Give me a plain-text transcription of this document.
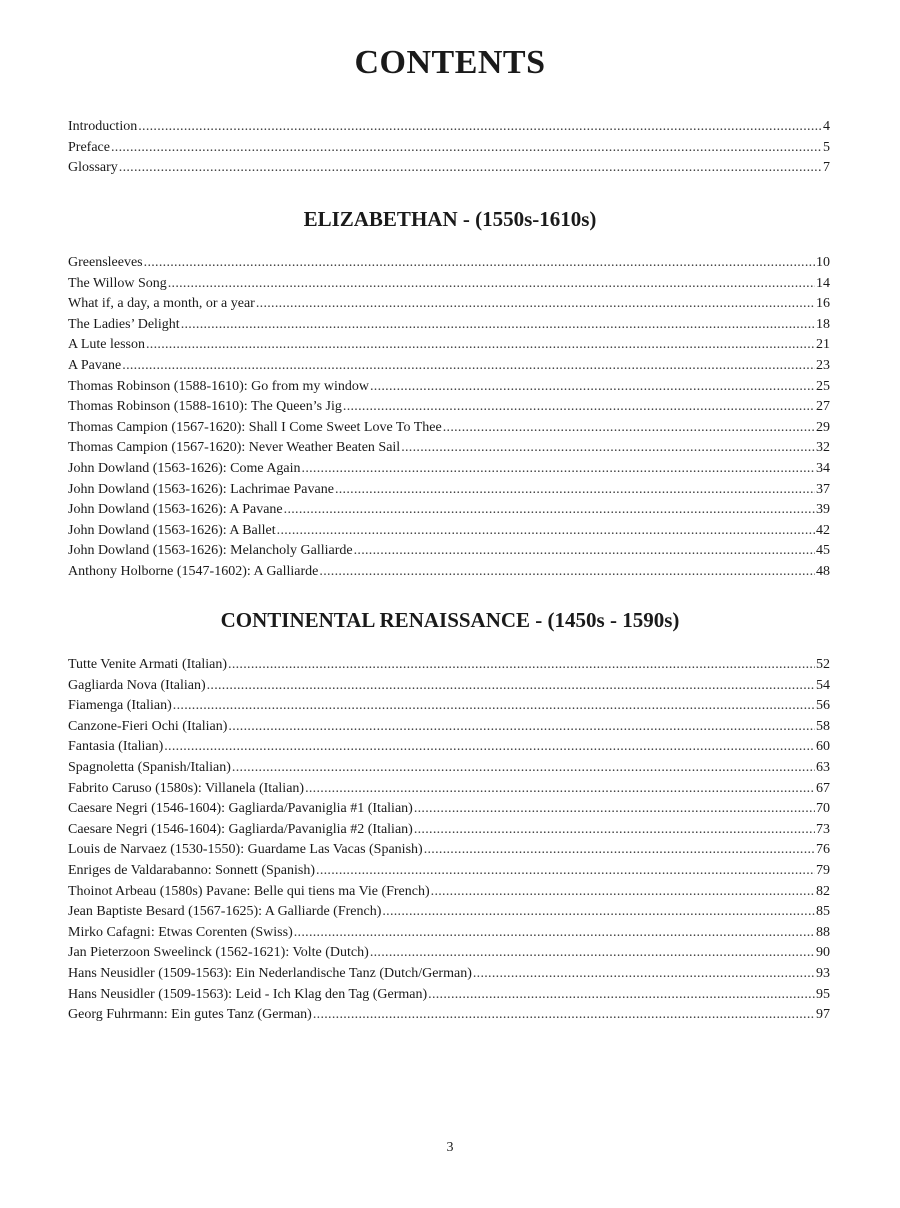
CONTENTS
Introduction . . .	4
Preface . . .	5
Glossary . . .	7
ELIZABETHAN - (1550s-1610s)
Greensleeves . . .	10
The Willow Song . . .	14
What if, a day, a month, or a year . . .	16
The Ladies’ Delight . . .	18
A Lute lesson . . .	21
A Pavane . . .	23
Thomas Robinson (1588-1610): Go from my window . . .	25
Thomas Robinson (1588-1610): The Queen’s Jig . . .	27
Thomas Campion (1567-1620): Shall I Come Sweet Love To Thee . . .	29
Thomas Campion (1567-1620): Never Weather Beaten Sail . . .	32
John Dowland (1563-1626): Come Again . . .	34
John Dowland (1563-1626): Lachrimae Pavane . . .	37
John Dowland (1563-1626): A Pavane . . .	39
John Dowland (1563-1626): A Ballet . . .	42
John Dowland (1563-1626): Melancholy Galliarde . . .	45
Anthony Holborne (1547-1602): A Galliarde . . .	48
CONTINENTAL RENAISSANCE - (1450s - 1590s)
Tutte Venite Armati (Italian) . . .	52
Gagliarda Nova (Italian) . . .	54
Fiamenga (Italian) . . .	56
Canzone-Fieri Ochi (Italian) . . .	58
Fantasia (Italian) . . .	60
Spagnoletta (Spanish/Italian) . . .	63
Fabrito Caruso (1580s): Villanela (Italian) . . .	67
Caesare Negri (1546-1604): Gagliarda/Pavaniglia #1 (Italian) . . .	70
Caesare Negri (1546-1604): Gagliarda/Pavaniglia #2 (Italian) . . .	73
Louis de Narvaez (1530-1550): Guardame Las Vacas (Spanish) . . .	76
Enriges de Valdarabanno: Sonnett (Spanish) . . .	79
Thoinot Arbeau (1580s) Pavane: Belle qui tiens ma Vie (French) . . .	82
Jean Baptiste Besard (1567-1625): A Galliarde (French) . . .	85
Mirko Cafagni: Etwas Corenten (Swiss) . . .	88
Jan Pieterzoon Sweelinck (1562-1621): Volte (Dutch) . . .	90
Hans Neusidler (1509-1563): Ein Nederlandische Tanz (Dutch/German) . . .	93
Hans Neusidler (1509-1563): Leid - Ich Klag den Tag (German) . . .	95
Georg Fuhrmann: Ein gutes Tanz (German) . . .	97
3
